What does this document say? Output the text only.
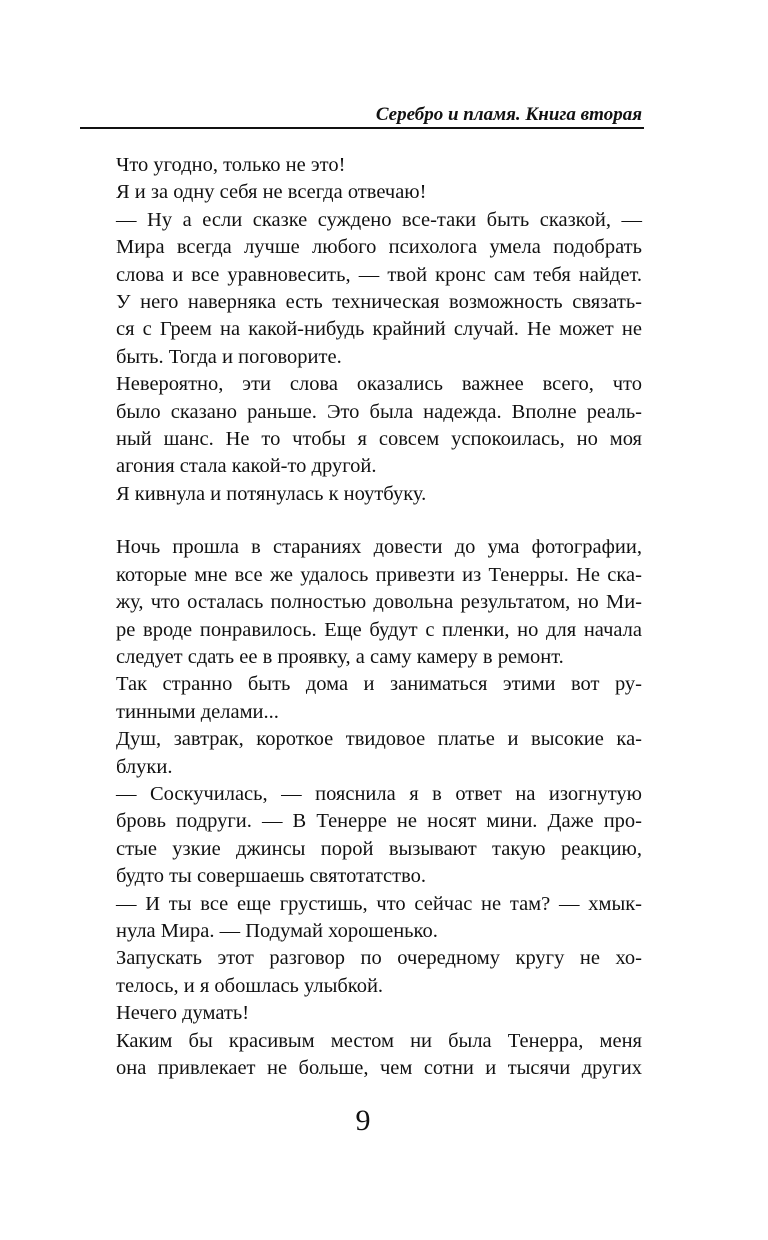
Серебро и пламя. Книга вторая

Что угодно, только не это!

Я и за одну себя не всегда отвечаю!

— Ну а если сказке суждено все-таки быть сказкой, —
Мира всегда лучше любого психолога умела подобрать
слова и все уравновесить, — твой кронс сам тебя найдет.
У него наверняка есть техническая возможность связать-
ся с Греем на какой-нибудь крайний случай. Не может не
быть. Тогда и поговорите.

Невероятно, эти слова оказались важнее всего, что
было сказано раньше. Это была надежда. Вполне реаль-
ный шанс. Не то чтобы я совсем успокоилась, но моя
агония стала какой-то другой.

Я кивнула и потянулась к ноутбуку.

Ночь прошла в стараниях довести до ума фотографии,
которые мне все же удалось привезти из Тенерры. Не ска-
жу, что осталась полностью довольна результатом, но Ми-
ре вроде понравилось. Еще будут с пленки, но для начала
следует сдать ее в проявку, а саму камеру в ремонт.

Так странно быть дома и заниматься этими вот ру-
тинными делами...

Душ, завтрак, короткое твидовое платье и высокие ка-
блуки.

— Соскучилась, — пояснила я в ответ на изогнутую
бровь подруги. — В Тенерре не носят мини. Даже про-
стые узкие джинсы порой вызывают такую реакцию,
будто ты совершаешь святотатство.

— И ты все еще грустишь, что сейчас не там? — хмык-
нула Мира. — Подумай хорошенько.

Запускать этот разговор по очередному кругу не хо-
телось, и я обошлась улыбкой.

Нечего думать!

Каким бы красивым местом ни была Тенерра, меня
она привлекает не больше, чем сотни и тысячи других

9
